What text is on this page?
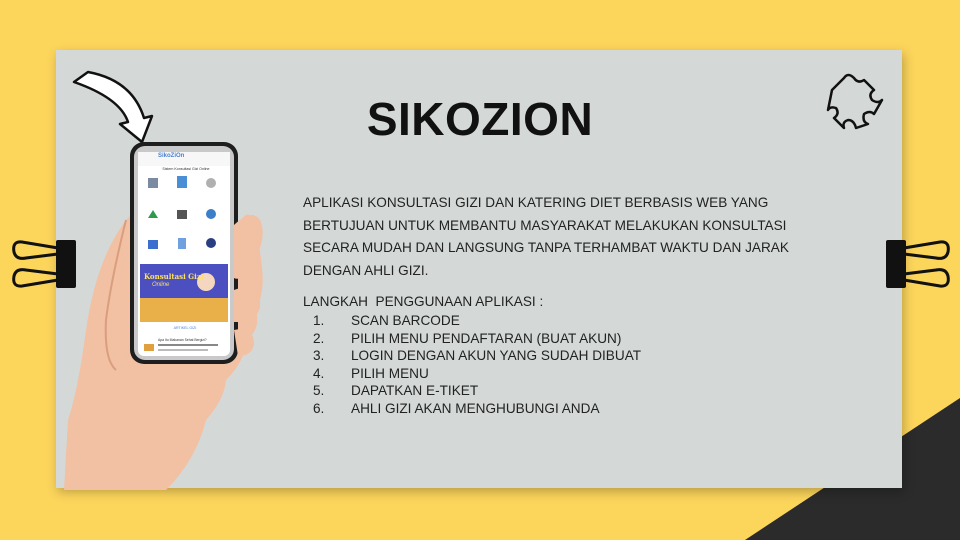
SikoZiOn
Sistem Konsultasi Gizi Online
Konsultasi Gizi
Online
ARTIKEL GIZI
Apa Itu Makanan Sehat Bergizi?
SIKOZION

APLIKASI KONSULTASI GIZI DAN KATERING DIET BERBASIS WEB YANG

BERTUJUAN UNTUK MEMBANTU MASYARAKAT MELAKUKAN KONSULTASI

SECARA MUDAH DAN LANGSUNG TANPA TERHAMBAT WAKTU DAN JARAK

DENGAN AHLI GIZI.

LANGKAH  PENGGUNAAN APLIKASI :
1. SCAN BARCODE
2. PILIH MENU PENDAFTARAN (BUAT AKUN)
3. LOGIN DENGAN AKUN YANG SUDAH DIBUAT
4. PILIH MENU
5. DAPATKAN E-TIKET
6. AHLI GIZI AKAN MENGHUBUNGI ANDA
